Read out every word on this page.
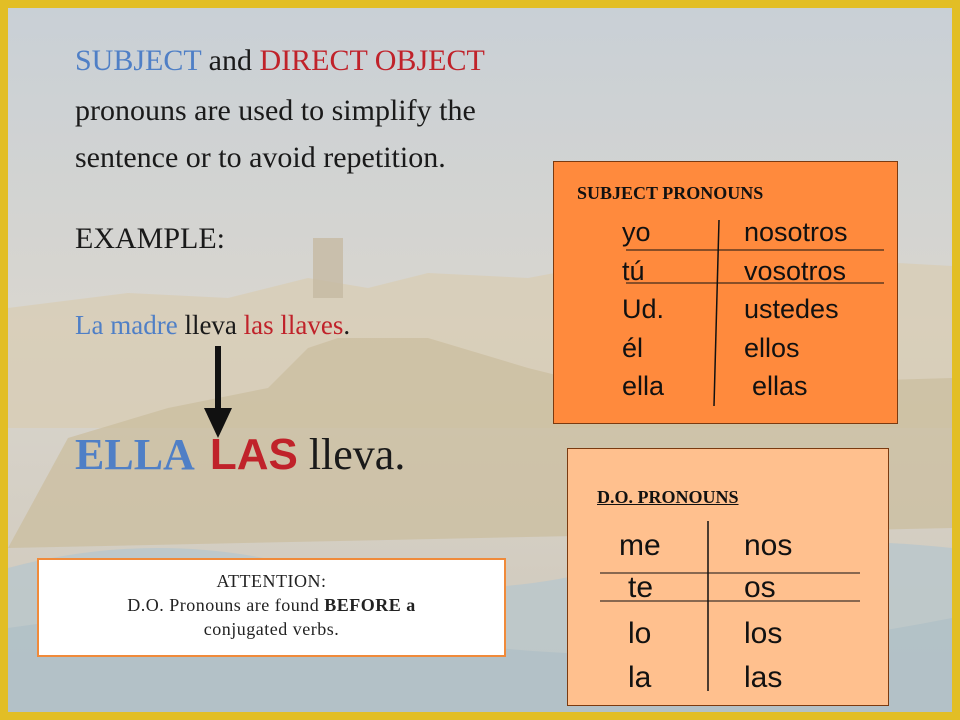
SUBJECT and DIRECT OBJECT
pronouns are used to simplify the
sentence or to avoid repetition.
EXAMPLE:
La madre lleva las llaves.
ELLA LAS lleva.
SUBJECT PRONOUNS
yo
tú
Ud.
él
ella
nosotros
vosotros
ustedes
ellos
ellas
D.O. PRONOUNS
me
te
lo
la
nos
os
los
las
ATTENTION:
D.O. Pronouns are found BEFORE a
conjugated verbs.
